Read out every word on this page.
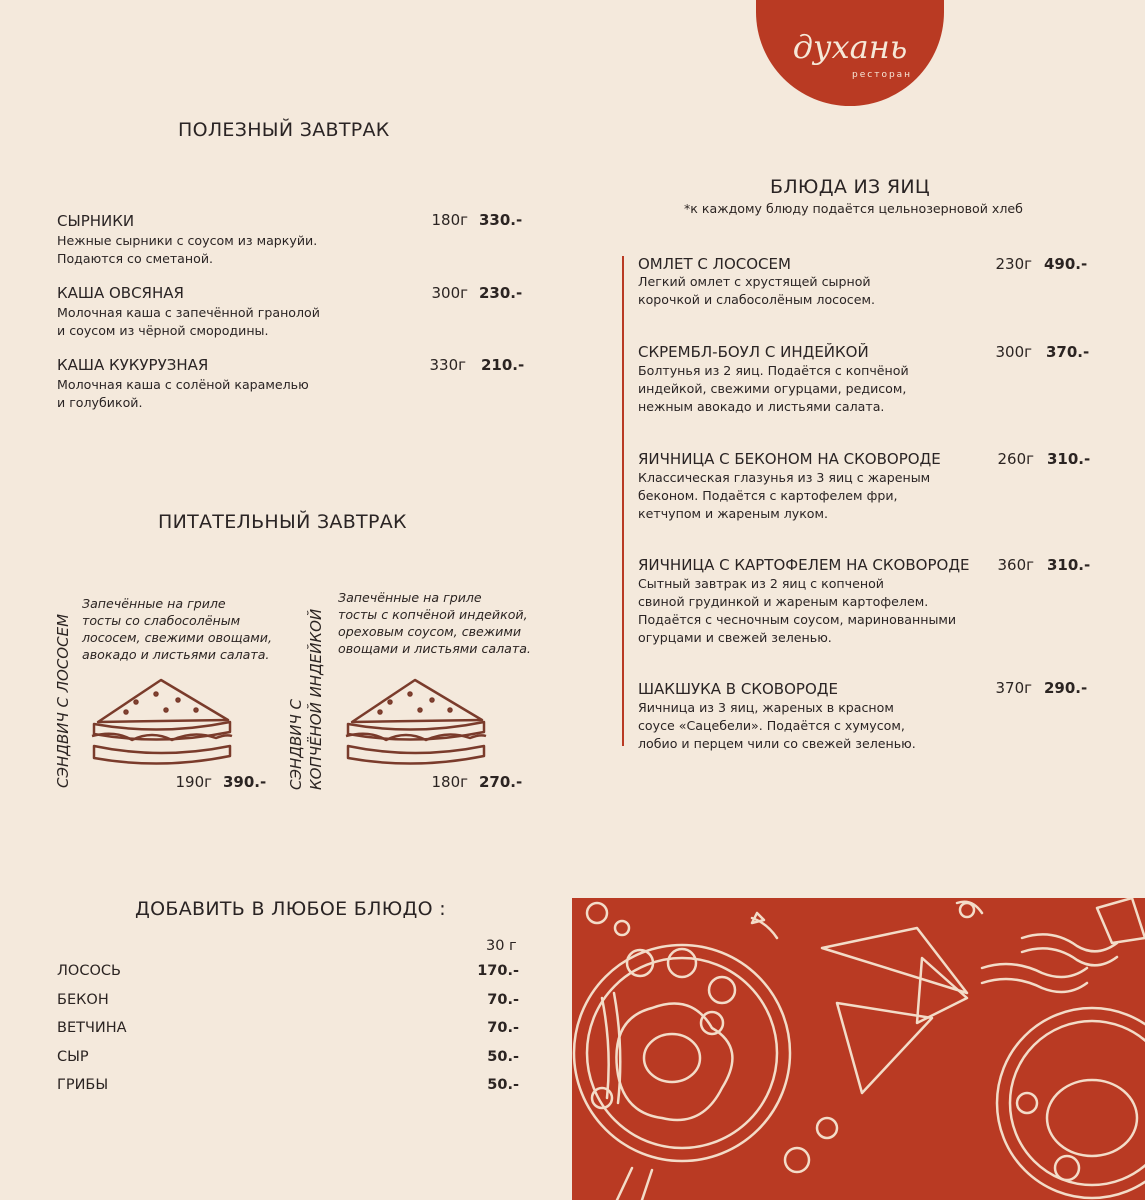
духань
ресторан
ПОЛЕЗНЫЙ ЗАВТРАК
СЫРНИКИ	180г 330.-
Нежные сырники с соусом из маркуйи.
Подаются со сметаной.
КАША ОВСЯНАЯ	300г 230.-
Молочная каша с запечённой гранолой
и соусом из чёрной смородины.
КАША КУКУРУЗНАЯ	330г 210.-
Молочная каша с солёной карамелью
и голубикой.
ПИТАТЕЛЬНЫЙ ЗАВТРАК
СЭНДВИЧ С ЛОСОСЕМ
Запечённые на гриле
тосты со слабосолёным
лососем, свежими овощами,
авокадо и листьями салата.
190г 390.- СЭНДВИЧ С КОПЧЁНОЙ ИНДЕЙКОЙ
Запечённые на гриле
тосты с копчёной индейкой,
ореховым соусом, свежими
овощами и листьями салата.
180г 270.-
БЛЮДА ИЗ ЯИЦ
*к каждому блюду подаётся цельнозерновой хлеб
ОМЛЕТ С ЛОСОСЕМ	230г 490.-
Легкий омлет с хрустящей сырной
корочкой и слабосолёным лососем.
СКРЕМБЛ-БОУЛ С ИНДЕЙКОЙ	300г 370.-
Болтунья из 2 яиц. Подаётся с копчёной
индейкой, свежими огурцами, редисом,
нежным авокадо и листьями салата.
ЯИЧНИЦА С БЕКОНОМ НА СКОВОРОДЕ	260г 310.-
Классическая глазунья из 3 яиц с жареным
беконом. Подаётся с картофелем фри,
кетчупом и жареным луком.
ЯИЧНИЦА С КАРТОФЕЛЕМ НА СКОВОРОДЕ	360г 310.-
Сытный завтрак из 2 яиц с копченой
свиной грудинкой и жареным картофелем.
Подаётся с чесночным соусом, маринованными
огурцами и свежей зеленью.
ШАКШУКА В СКОВОРОДЕ	370г 290.-
Яичница из 3 яиц, жареных в красном
соусе «Сацебели». Подаётся с хумусом,
лобио и перцем чили со свежей зеленью.
ДОБАВИТЬ В ЛЮБОЕ БЛЮДО :
30 г
ЛОСОСЬ	170.-
БЕКОН	70.-
ВЕТЧИНА	70.-
СЫР	50.-
ГРИБЫ	50.-
